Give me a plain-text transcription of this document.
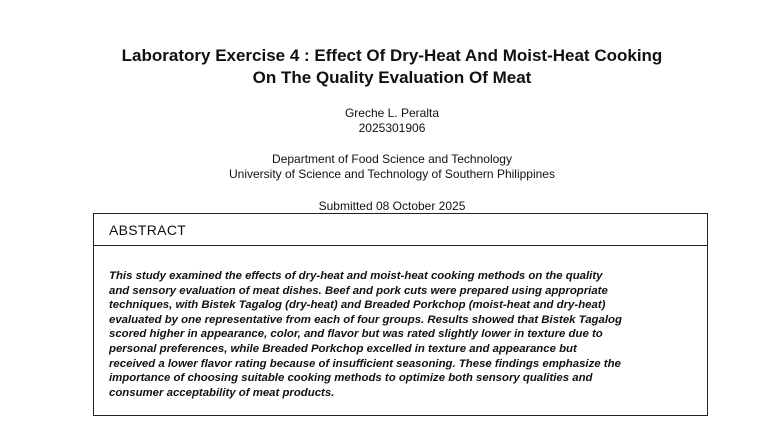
Laboratory Exercise 4 : Effect Of Dry-Heat And Moist-Heat Cooking
On The Quality Evaluation Of Meat
Greche L. Peralta
2025301906
Department of Food Science and Technology
University of Science and Technology of Southern Philippines
Submitted 08 October 2025
ABSTRACT

This study examined the effects of dry-heat and moist-heat cooking methods on the quality
and sensory evaluation of meat dishes. Beef and pork cuts were prepared using appropriate
techniques, with Bistek Tagalog (dry-heat) and Breaded Porkchop (moist-heat and dry-heat)
evaluated by one representative from each of four groups. Results showed that Bistek Tagalog
scored higher in appearance, color, and flavor but was rated slightly lower in texture due to
personal preferences, while Breaded Porkchop excelled in texture and appearance but
received a lower flavor rating because of insufficient seasoning. These findings emphasize the
importance of choosing suitable cooking methods to optimize both sensory qualities and
consumer acceptability of meat products.
